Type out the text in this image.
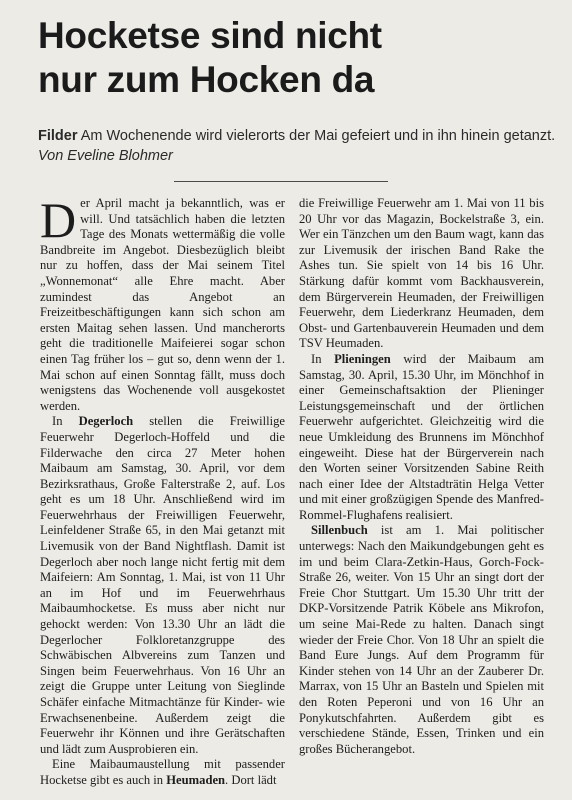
Hocketse sind nicht
nur zum Hocken da
Filder Am Wochenende wird vielerorts der Mai gefeiert und in ihn hinein getanzt. Von Eveline Blohmer

Der April macht ja bekanntlich, was er will. Und tatsächlich haben die letzten Tage des Monats wettermäßig die volle Bandbreite im Angebot. Diesbezüglich bleibt nur zu hoffen, dass der Mai seinem Titel „Wonnemonat“ alle Ehre macht. Aber zumindest das Angebot an Freizeitbeschäftigungen kann sich schon am ersten Maitag sehen lassen. Und mancherorts geht die traditionelle Maifeierei sogar schon einen Tag früher los – gut so, denn wenn der 1. Mai schon auf einen Sonntag fällt, muss doch wenigstens das Wochenende voll ausgekostet werden.

In Degerloch stellen die Freiwillige Feuerwehr Degerloch-Hoffeld und die Filderwache den circa 27 Meter hohen Maibaum am Samstag, 30. April, vor dem Bezirksrathaus, Große Falterstraße 2, auf. Los geht es um 18 Uhr. Anschließend wird im Feuerwehrhaus der Freiwilligen Feuerwehr, Leinfeldener Straße 65, in den Mai getanzt mit Livemusik von der Band Nightflash. Damit ist Degerloch aber noch lange nicht fertig mit dem Maifeiern: Am Sonntag, 1. Mai, ist von 11 Uhr an im Hof und im Feuerwehrhaus Maibaumhocketse. Es muss aber nicht nur gehockt werden: Von 13.30 Uhr an lädt die Degerlocher Folkloretanzgruppe des Schwäbischen Albvereins zum Tanzen und Singen beim Feuerwehrhaus. Von 16 Uhr an zeigt die Gruppe unter Leitung von Sieglinde Schäfer einfache Mitmachtänze für Kinder- wie Erwachsenenbeine. Außerdem zeigt die Feuerwehr ihr Können und ihre Gerätschaften und lädt zum Ausprobieren ein.

Eine Maibaumaustellung mit passender Hocketse gibt es auch in Heumaden. Dort lädt

die Freiwillige Feuerwehr am 1. Mai von 11 bis 20 Uhr vor das Magazin, Bockelstraße 3, ein. Wer ein Tänzchen um den Baum wagt, kann das zur Livemusik der irischen Band Rake the Ashes tun. Sie spielt von 14 bis 16 Uhr. Stärkung dafür kommt vom Backhausverein, dem Bürgerverein Heumaden, der Freiwilligen Feuerwehr, dem Liederkranz Heumaden, dem Obst- und Gartenbauverein Heumaden und dem TSV Heumaden.

In Plieningen wird der Maibaum am Samstag, 30. April, 15.30 Uhr, im Mönchhof in einer Gemeinschaftsaktion der Plieninger Leistungsgemeinschaft und der örtlichen Feuerwehr aufgerichtet. Gleichzeitig wird die neue Umkleidung des Brunnens im Mönchhof eingeweiht. Diese hat der Bürgerverein nach den Worten seiner Vorsitzenden Sabine Reith nach einer Idee der Altstadträtin Helga Vetter und mit einer großzügigen Spende des Manfred-Rommel-Flughafens realisiert.

Sillenbuch ist am 1. Mai politischer unterwegs: Nach den Maikundgebungen geht es im und beim Clara-Zetkin-Haus, Gorch-Fock-Straße 26, weiter. Von 15 Uhr an singt dort der Freie Chor Stuttgart. Um 15.30 Uhr tritt der DKP-Vorsitzende Patrik Köbele ans Mikrofon, um seine Mai-Rede zu halten. Danach singt wieder der Freie Chor. Von 18 Uhr an spielt die Band Eure Jungs. Auf dem Programm für Kinder stehen von 14 Uhr an der Zauberer Dr. Marrax, von 15 Uhr an Basteln und Spielen mit den Roten Peperoni und von 16 Uhr an Ponykutschfahrten. Außerdem gibt es verschiedene Stände, Essen, Trinken und ein großes Bücherangebot.
